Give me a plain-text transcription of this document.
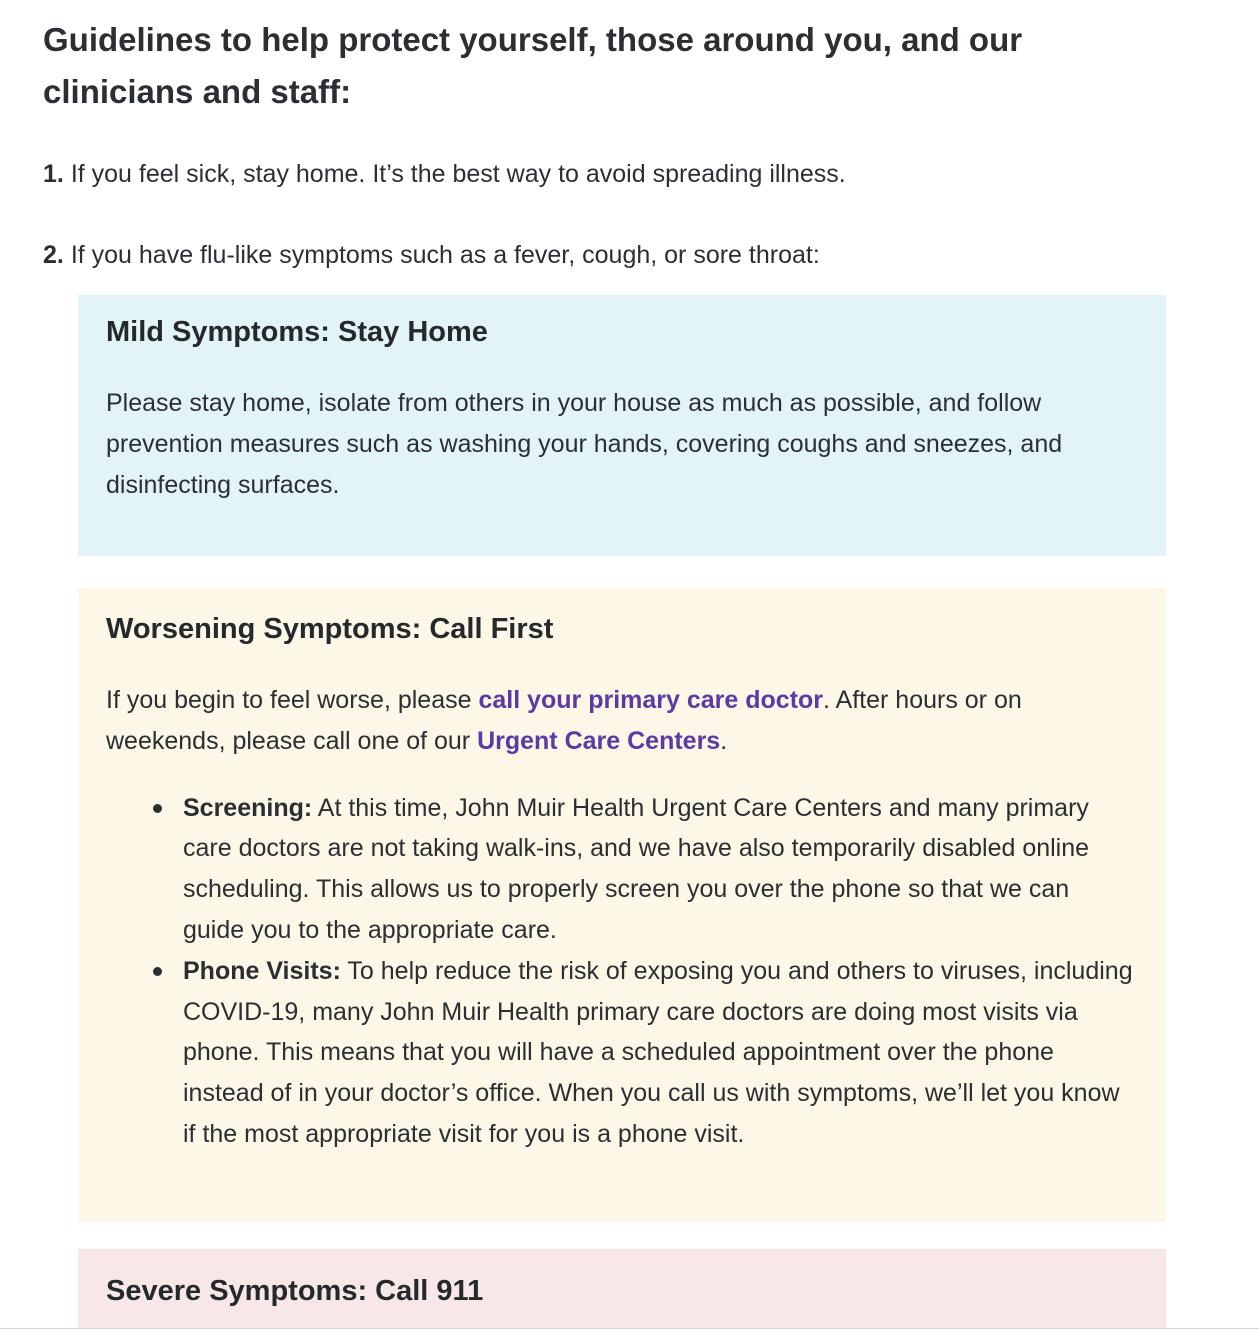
Guidelines to help protect yourself, those around you, and our clinicians and staff:

1. If you feel sick, stay home. It’s the best way to avoid spreading illness.

2. If you have flu-like symptoms such as a fever, cough, or sore throat:

Mild Symptoms: Stay Home

Please stay home, isolate from others in your house as much as possible, and follow prevention measures such as washing your hands, covering coughs and sneezes, and disinfecting surfaces.

Worsening Symptoms: Call First

If you begin to feel worse, please call your primary care doctor. After hours or on weekends, please call one of our Urgent Care Centers.

Screening: At this time, John Muir Health Urgent Care Centers and many primary care doctors are not taking walk-ins, and we have also temporarily disabled online scheduling. This allows us to properly screen you over the phone so that we can guide you to the appropriate care.
Phone Visits: To help reduce the risk of exposing you and others to viruses, including COVID-19, many John Muir Health primary care doctors are doing most visits via phone. This means that you will have a scheduled appointment over the phone instead of in your doctor’s office. When you call us with symptoms, we’ll let you know if the most appropriate visit for you is a phone visit.
Severe Symptoms: Call 911
